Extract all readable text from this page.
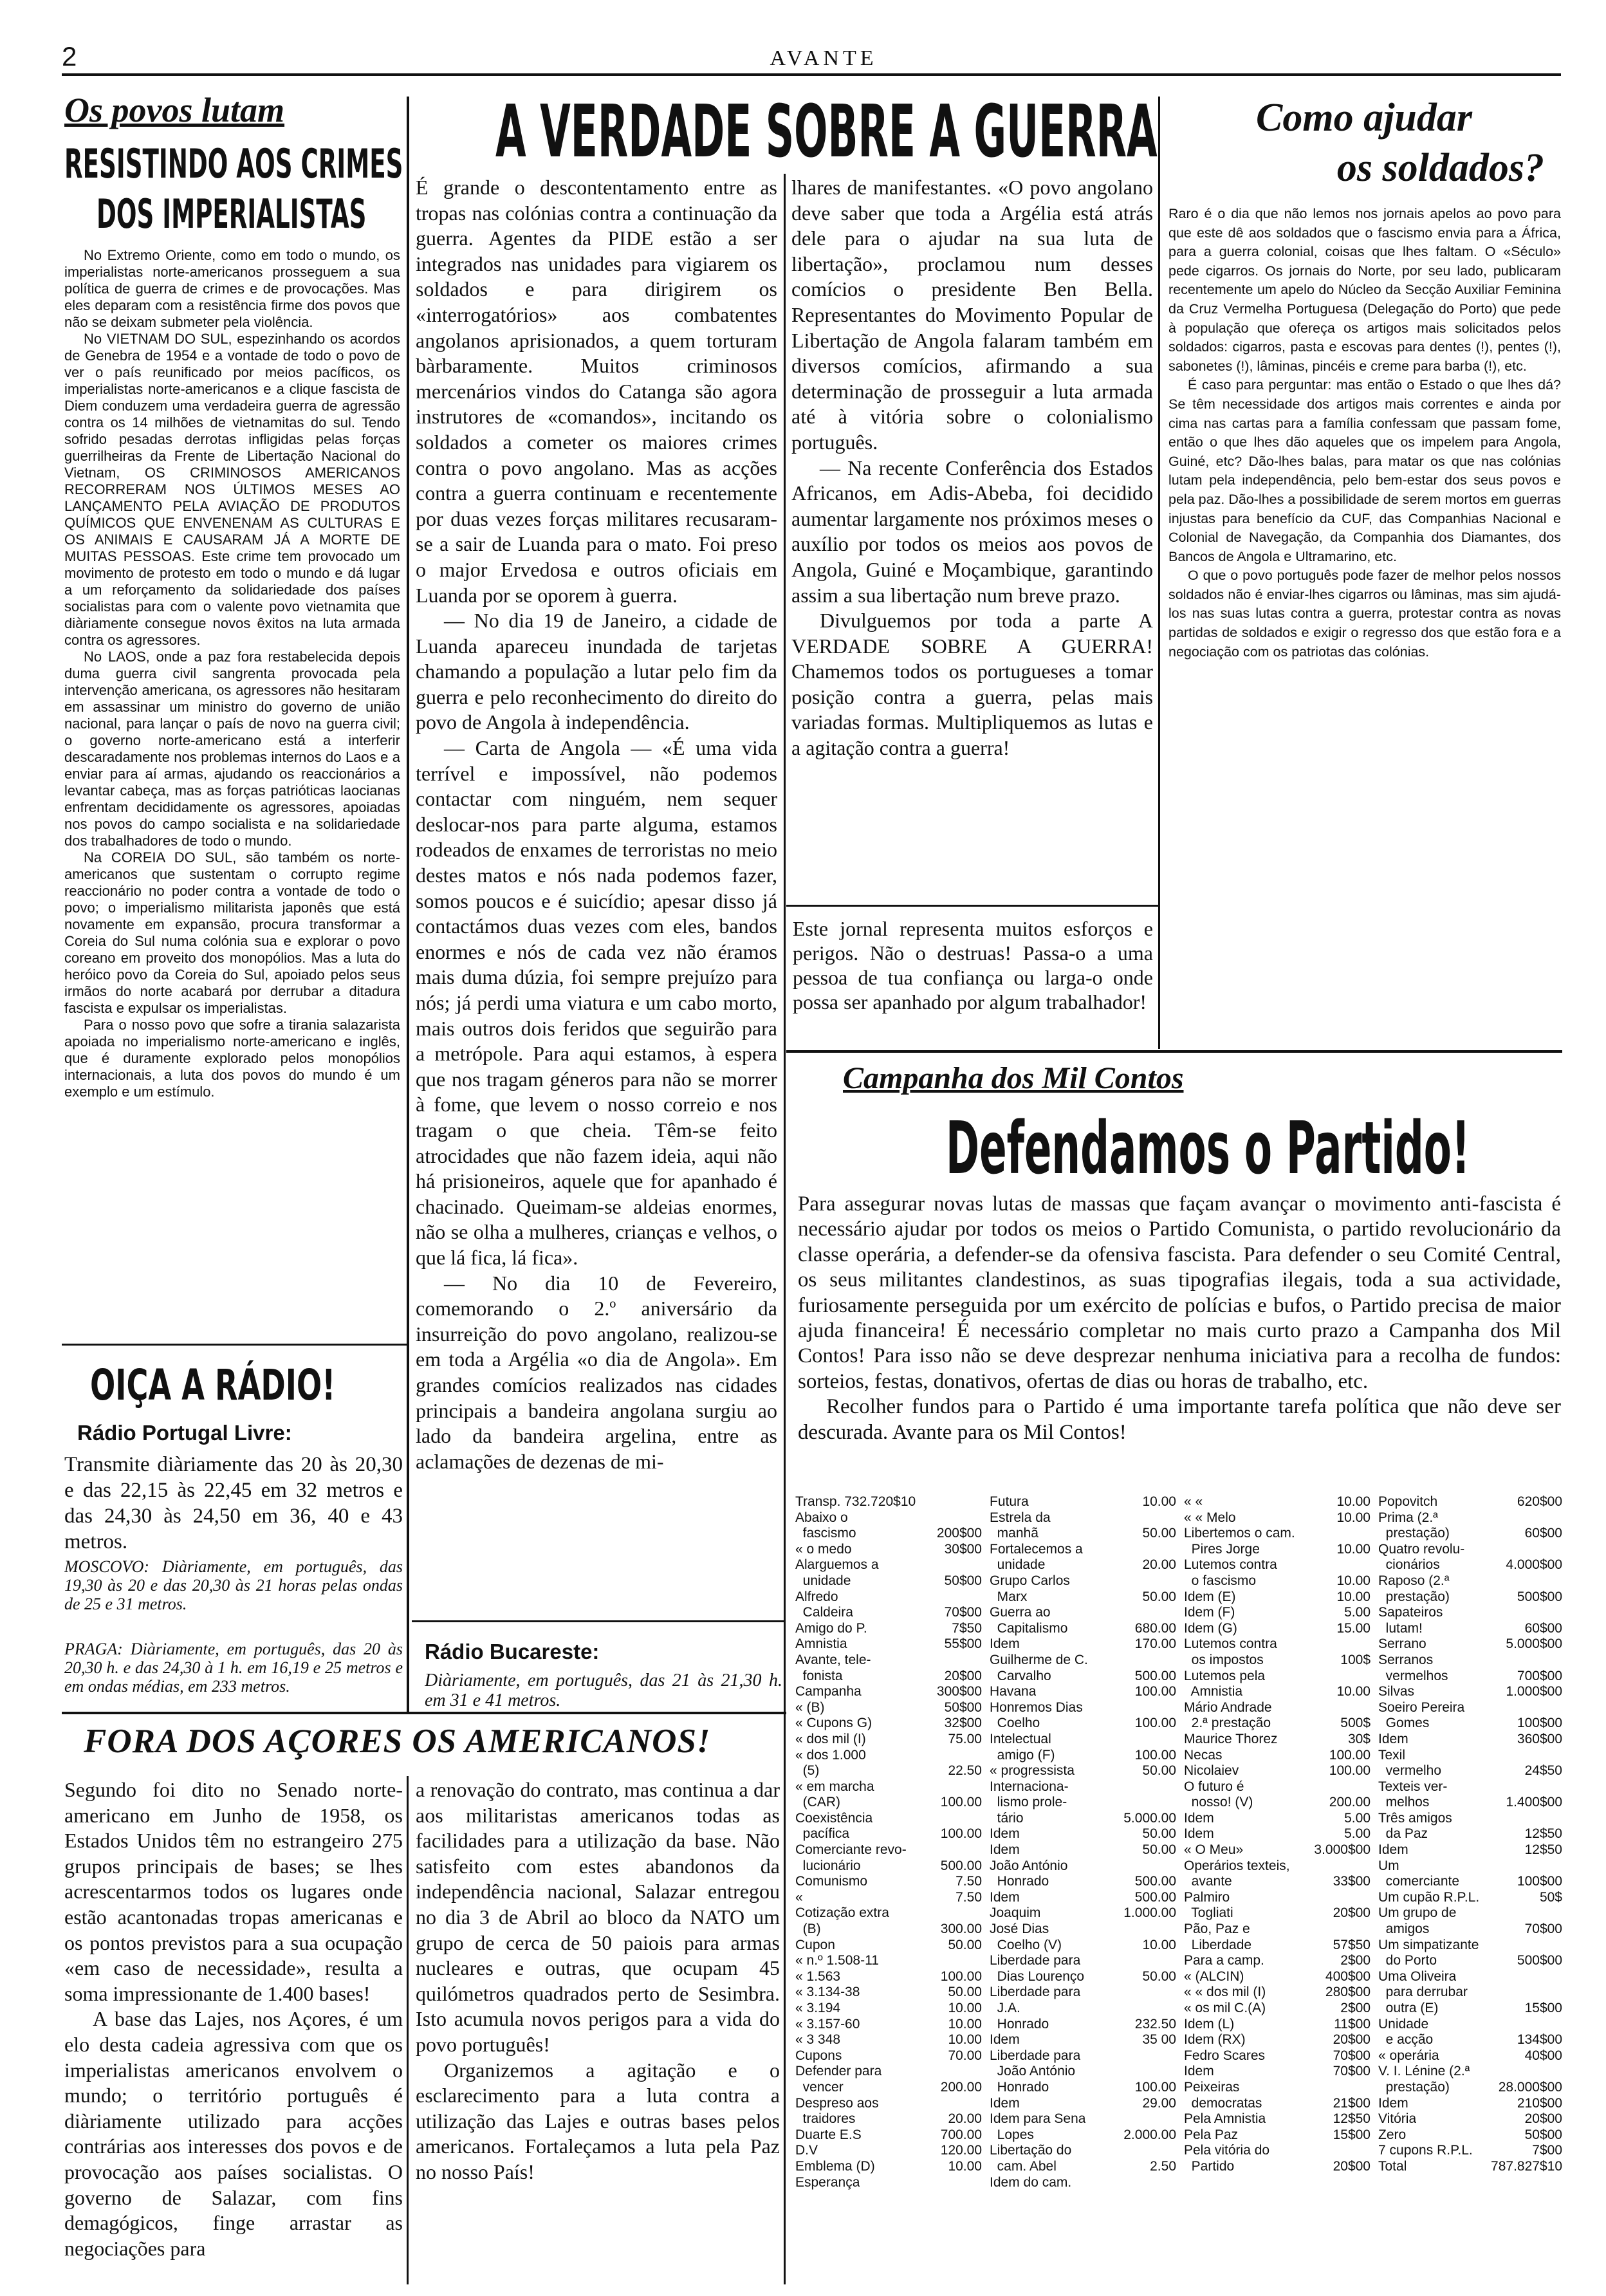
2	AVANTE
Os povos lutam
RESISTINDO AOS CRIMES
DOS IMPERIALISTAS

No Extremo Oriente, como em todo o mundo, os imperialistas norte-americanos prosseguem a sua política de guerra de crimes e de provocações. Mas eles deparam com a resistência firme dos povos que não se deixam submeter pela violência.

No VIETNAM DO SUL, espezinhando os acordos de Genebra de 1954 e a vontade de todo o povo de ver o país reunificado por meios pacíficos, os imperialistas norte-americanos e a clique fascista de Diem conduzem uma verdadeira guerra de agressão contra os 14 milhões de vietnamitas do sul. Tendo sofrido pesadas derrotas infligidas pelas forças guerrilheiras da Frente de Libertação Nacional do Vietnam, OS CRIMINOSOS AMERICANOS RECORRERAM NOS ÚLTIMOS MESES AO LANÇAMENTO PELA AVIAÇÃO DE PRODUTOS QUÍMICOS QUE ENVENENAM AS CULTURAS E OS ANIMAIS E CAUSARAM JÁ A MORTE DE MUITAS PESSOAS. Este crime tem provocado um movimento de protesto em todo o mundo e dá lugar a um reforçamento da solidariedade dos países socialistas para com o valente povo vietnamita que diàriamente consegue novos êxitos na luta armada contra os agressores.

No LAOS, onde a paz fora restabelecida depois duma guerra civil sangrenta provocada pela intervenção americana, os agressores não hesitaram em assassinar um ministro do governo de união nacional, para lançar o país de novo na guerra civil; o governo norte-americano está a interferir descaradamente nos problemas internos do Laos e a enviar para aí armas, ajudando os reaccionários a levantar cabeça, mas as forças patrióticas laocianas enfrentam decididamente os agressores, apoiadas nos povos do campo socialista e na solidariedade dos trabalhadores de todo o mundo.

Na COREIA DO SUL, são também os norte-americanos que sustentam o corrupto regime reaccionário no poder contra a vontade de todo o povo; o imperialismo militarista japonês que está novamente em expansão, procura transformar a Coreia do Sul numa colónia sua e explorar o povo coreano em proveito dos monopólios. Mas a luta do heróico povo da Coreia do Sul, apoiado pelos seus irmãos do norte acabará por derrubar a ditadura fascista e expulsar os imperialistas.

Para o nosso povo que sofre a tirania salazarista apoiada no imperialismo norte-americano e inglês, que é duramente explorado pelos monopólios internacionais, a luta dos povos do mundo é um exemplo e um estímulo.

OIÇA A RÁDIO!
Rádio Portugal Livre:
Transmite diàriamente das 20 às 20,30 e das 22,15 às 22,45 em 32 metros e das 24,30 às 24,50 em 36, 40 e 43 metros.
MOSCOVO: Diàriamente, em português, das 19,30 às 20 e das 20,30 às 21 horas pelas ondas de 25 e 31 metros.
PRAGA: Diàriamente, em português, das 20 às 20,30 h. e das 24,30 à 1 h. em 16,19 e 25 metros e em ondas médias, em 233 metros.
Rádio Bucareste:
Diàriamente, em português, das 21 às 21,30 h. em 31 e 41 metros.
A VERDADE SOBRE A GUERRA

É grande o descontentamento entre as tropas nas colónias contra a continuação da guerra. Agentes da PIDE estão a ser integrados nas unidades para vigiarem os soldados e para dirigirem os «interrogatórios» aos combatentes angolanos aprisionados, a quem torturam bàrbaramente. Muitos criminosos mercenários vindos do Catanga são agora instrutores de «comandos», incitando os soldados a cometer os maiores crimes contra o povo angolano. Mas as acções contra a guerra continuam e recentemente por duas vezes forças militares recusaram-se a sair de Luanda para o mato. Foi preso o major Ervedosa e outros oficiais em Luanda por se oporem à guerra.

— No dia 19 de Janeiro, a cidade de Luanda apareceu inundada de tarjetas chamando a população a lutar pelo fim da guerra e pelo reconhecimento do direito do povo de Angola à independência.

— Carta de Angola — «É uma vida terrível e impossível, não podemos contactar com ninguém, nem sequer deslocar-nos para parte alguma, estamos rodeados de enxames de terroristas no meio destes matos e nós nada podemos fazer, somos poucos e é suicídio; apesar disso já contactámos duas vezes com eles, bandos enormes e nós de cada vez não éramos mais duma dúzia, foi sempre prejuízo para nós; já perdi uma viatura e um cabo morto, mais outros dois feridos que seguirão para a metrópole. Para aqui estamos, à espera que nos tragam géneros para não se morrer à fome, que levem o nosso correio e nos tragam o que cheia. Têm-se feito atrocidades que não fazem ideia, aqui não há prisioneiros, aquele que for apanhado é chacinado. Queimam-se aldeias enormes, não se olha a mulheres, crianças e velhos, o que lá fica, lá fica».

— No dia 10 de Fevereiro, comemorando o 2.º aniversário da insurreição do povo angolano, realizou-se em toda a Argélia «o dia de Angola». Em grandes comícios realizados nas cidades principais a bandeira angolana surgiu ao lado da bandeira argelina, entre as aclamações de dezenas de mi-

lhares de manifestantes. «O povo angolano deve saber que toda a Argélia está atrás dele para o ajudar na sua luta de libertação», proclamou num desses comícios o presidente Ben Bella. Representantes do Movimento Popular de Libertação de Angola falaram também em diversos comícios, afirmando a sua determinação de prosseguir a luta armada até à vitória sobre o colonialismo português.

— Na recente Conferência dos Estados Africanos, em Adis-Abeba, foi decidido aumentar largamente nos próximos meses o auxílio por todos os meios aos povos de Angola, Guiné e Moçambique, garantindo assim a sua libertação num breve prazo.

Divulguemos por toda a parte A VERDADE SOBRE A GUERRA! Chamemos todos os portugueses a tomar posição contra a guerra, pelas mais variadas formas. Multipliquemos as lutas e a agitação contra a guerra!

Este jornal representa muitos esforços e perigos. Não o destruas! Passa-o a uma pessoa de tua confiança ou larga-o onde possa ser apanhado por algum trabalhador!
Como ajudar
os soldados?

Raro é o dia que não lemos nos jornais apelos ao povo para que este dê aos soldados que o fascismo envia para a África, para a guerra colonial, coisas que lhes faltam. O «Século» pede cigarros. Os jornais do Norte, por seu lado, publicaram recentemente um apelo do Núcleo da Secção Auxiliar Feminina da Cruz Vermelha Portuguesa (Delegação do Porto) que pede à população que ofereça os artigos mais solicitados pelos soldados: cigarros, pasta e escovas para dentes (!), pentes (!), sabonetes (!), lâminas, pincéis e creme para barba (!), etc.

É caso para perguntar: mas então o Estado o que lhes dá? Se têm necessidade dos artigos mais correntes e ainda por cima nas cartas para a família confessam que passam fome, então o que lhes dão aqueles que os impelem para Angola, Guiné, etc? Dão-lhes balas, para matar os que nas colónias lutam pela independência, pelo bem-estar dos seus povos e pela paz. Dão-lhes a possibilidade de serem mortos em guerras injustas para benefício da CUF, das Companhias Nacional e Colonial de Navegação, da Companhia dos Diamantes, dos Bancos de Angola e Ultramarino, etc.

O que o povo português pode fazer de melhor pelos nossos soldados não é enviar-lhes cigarros ou lâminas, mas sim ajudá-los nas suas lutas contra a guerra, protestar contra as novas partidas de soldados e exigir o regresso dos que estão fora e a negociação com os patriotas das colónias.

Campanha dos Mil Contos
Defendamos o Partido!

Para assegurar novas lutas de massas que façam avançar o movimento anti-fascista é necessário ajudar por todos os meios o Partido Comunista, o partido revolucionário da classe operária, a defender-se da ofensiva fascista. Para defender o seu Comité Central, os seus militantes clandestinos, as suas tipografias ilegais, toda a sua actividade, furiosamente perseguida por um exército de polícias e bufos, o Partido precisa de maior ajuda financeira! É necessário completar no mais curto prazo a Campanha dos Mil Contos! Para isso não se deve desprezar nenhuma iniciativa para a recolha de fundos: sorteios, festas, donativos, ofertas de dias ou horas de trabalho, etc.

Recolher fundos para o Partido é uma importante tarefa política que não deve ser descurada. Avante para os Mil Contos!

Transp. 732.720$10
Abaixo o
fascismo	200$00
« o medo	30$00
Alarguemos a
unidade	50$00
Alfredo
Caldeira	70$00
Amigo do P.	7$50
Amnistia	55$00
Avante, tele-
fonista	20$00
Campanha	300$00
« (B)	50$00
« Cupons G)	32$00
« dos mil (I)	75.00
« dos 1.000
(5)	22.50
« em marcha
(CAR)	100.00
Coexistência
pacífica	100.00
Comerciante revo-
lucionário	500.00
Comunismo	7.50
«	7.50
Cotização extra
(B)	300.00
Cupon	50.00
« n.º 1.508-11
« 1.563	100.00
« 3.134-38	50.00
« 3.194	10.00
« 3.157-60	10.00
« 3 348	10.00
Cupons	70.00
Defender para
vencer	200.00
Despreso aos
traidores	20.00
Duarte E.S	700.00
D.V	120.00
Emblema (D)	10.00
Esperança
Futura	10.00
Estrela da
manhã	50.00
Fortalecemos a
unidade	20.00
Grupo Carlos
Marx	50.00
Guerra ao
Capitalismo	680.00
Idem	170.00
Guilherme de C.
Carvalho	500.00
Havana	100.00
Honremos Dias
Coelho	100.00
Intelectual
amigo (F)	100.00
« progressista	50.00
Internaciona-
lismo prole-
tário	5.000.00
Idem	50.00
Idem	50.00
João António
Honrado	500.00
Idem	500.00
Joaquim	1.000.00
José Dias
Coelho (V)	10.00
Liberdade para
Dias Lourenço	50.00
Liberdade para
J.A.
Honrado	232.50
Idem	35 00
Liberdade para
João António
Honrado	100.00
Idem	29.00
Idem para Sena
Lopes	2.000.00
Libertação do
cam. Abel	2.50
Idem do cam.
« «	10.00
« « Melo	10.00
Libertemos o cam.
Pires Jorge	10.00
Lutemos contra
o fascismo	10.00
Idem (E)	10.00
Idem (F)	5.00
Idem (G)	15.00
Lutemos contra
os impostos	100$
Lutemos pela
Amnistia	10.00
Mário Andrade
2.ª prestação	500$
Maurice Thorez	30$
Necas	100.00
Nicolaiev	100.00
O futuro é
nosso! (V)	200.00
Idem	5.00
Idem	5.00
« O Meu»	3.000$00
Operários texteis,
avante	33$00
Palmiro
Togliati	20$00
Pão, Paz e
Liberdade	57$50
Para a camp.	2$00
« (ALCIN)	400$00
« « dos mil (I)	280$00
« os mil C.(A)	2$00
Idem (L)	11$00
Idem (RX)	20$00
Fedro Scares	70$00
Idem	70$00
Peixeiras
democratas	21$00
Pela Amnistia	12$50
Pela Paz	15$00
Pela vitória do
Partido	20$00
Popovitch	620$00
Prima (2.ª
prestação)	60$00
Quatro revolu-
cionários	4.000$00
Raposo (2.ª
prestação)	500$00
Sapateiros
lutam!	60$00
Serrano	5.000$00
Serranos
vermelhos	700$00
Silvas	1.000$00
Soeiro Pereira
Gomes	100$00
Idem	360$00
Texil
vermelho	24$50
Texteis ver-
melhos	1.400$00
Três amigos
da Paz	12$50
Idem	12$50
Um
comerciante	100$00
Um cupão R.P.L.	50$
Um grupo de
amigos	70$00
Um simpatizante
do Porto	500$00
Uma Oliveira
para derrubar
outra (E)	15$00
Unidade
e acção	134$00
« operária	40$00
V. I. Lénine (2.ª
prestação)	28.000$00
Idem	210$00
Vitória	20$00
Zero	50$00
7 cupons R.P.L.	7$00
Total	787.827$10
FORA DOS AÇORES OS AMERICANOS!

Segundo foi dito no Senado norte-americano em Junho de 1958, os Estados Unidos têm no estrangeiro 275 grupos principais de bases; se lhes acrescentarmos todos os lugares onde estão acantonadas tropas americanas e os pontos previstos para a sua ocupação «em caso de necessidade», resulta a soma impressionante de 1.400 bases!

A base das Lajes, nos Açores, é um elo desta cadeia agressiva com que os imperialistas americanos envolvem o mundo; o território português é diàriamente utilizado para acções contrárias aos interesses dos povos e de provocação aos países socialistas. O governo de Salazar, com fins demagógicos, finge arrastar as negociações para

a renovação do contrato, mas continua a dar aos militaristas americanos todas as facilidades para a utilização da base. Não satisfeito com estes abandonos da independência nacional, Salazar entregou no dia 3 de Abril ao bloco da NATO um grupo de cerca de 50 paiois para armas nucleares e outras, que ocupam 45 quilómetros quadrados perto de Sesimbra. Isto acumula novos perigos para a vida do povo português!

Organizemos a agitação e o esclarecimento para a luta contra a utilização das Lajes e outras bases pelos americanos. Fortaleçamos a luta pela Paz no nosso País!
